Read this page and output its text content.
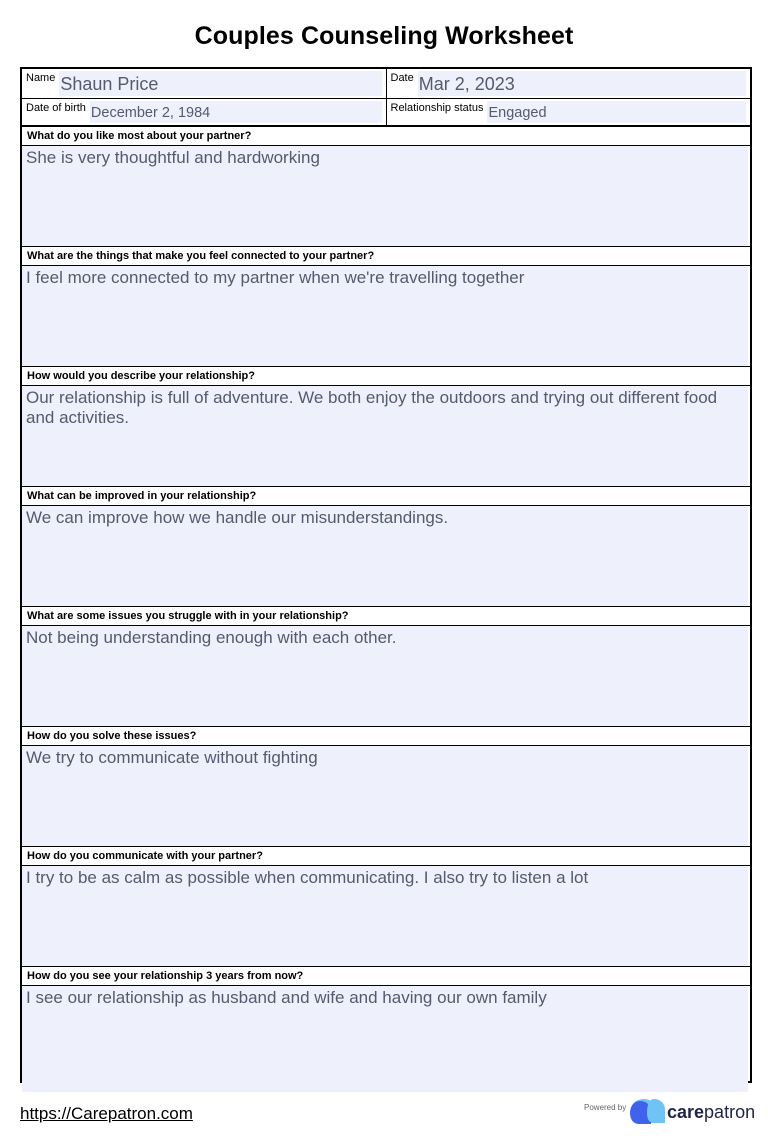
Couples Counseling Worksheet
Name Shaun Price	Date Mar 2, 2023
Date of birth December 2, 1984	Relationship status Engaged
What do you like most about your partner?
She is very thoughtful and hardworking
What are the things that make you feel connected to your partner?
I feel more connected to my partner when we're travelling together
How would you describe your relationship?
Our relationship is full of adventure. We both enjoy the outdoors and trying out different food and activities.
What can be improved in your relationship?
We can improve how we handle our misunderstandings.
What are some issues you struggle with in your relationship?
Not being understanding enough with each other.
How do you solve these issues?
We try to communicate without fighting
How do you communicate with your partner?
I try to be as calm as possible when communicating. I also try to listen a lot
How do you see your relationship 3 years from now?
I see our relationship as husband and wife and having our own family
https://Carepatron.com	Powered by carepatron
